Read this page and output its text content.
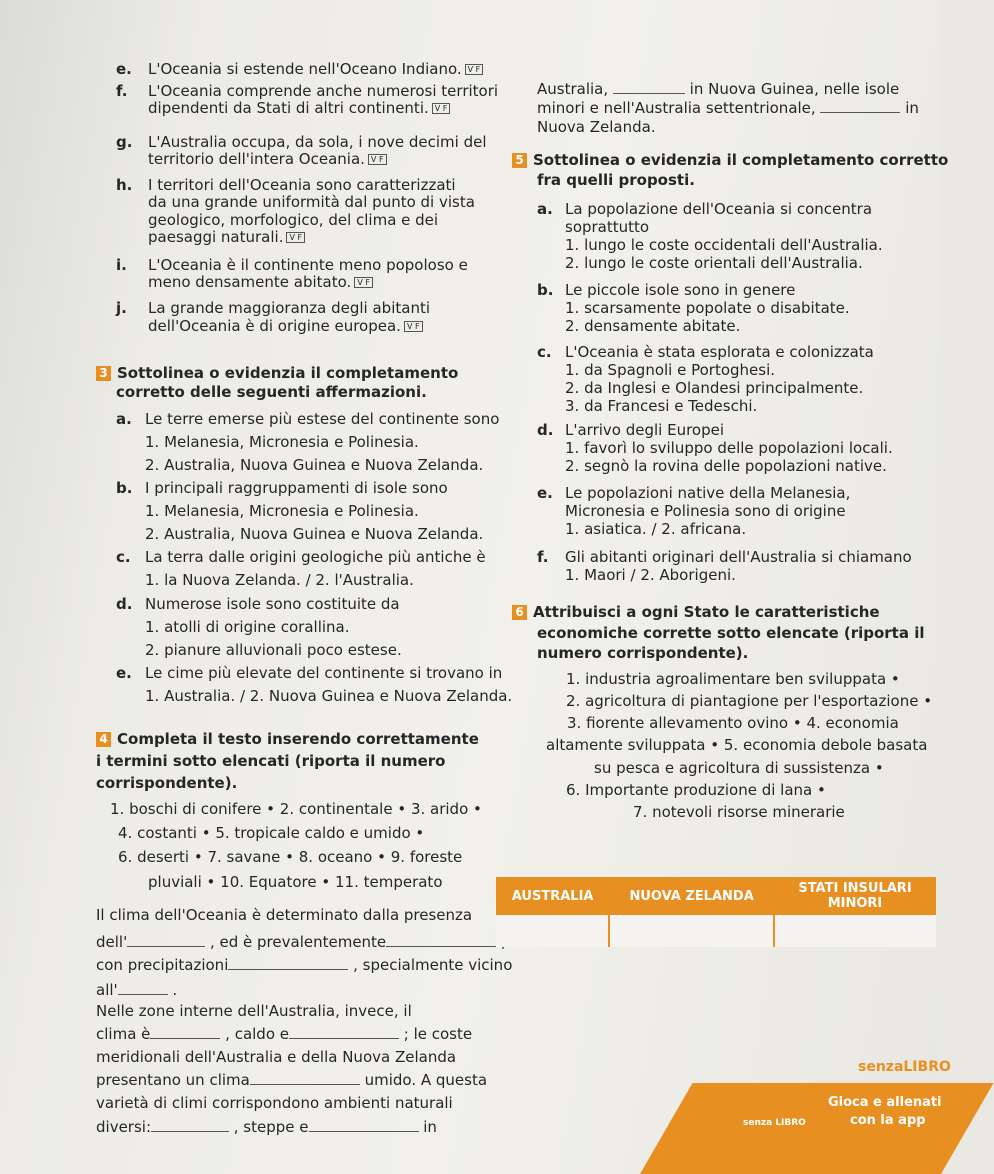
e. L'Oceania si estende nell'Oceano Indiano. V F
f. L'Oceania comprende anche numerosi territori
dipendenti da Stati di altri continenti. V F
g. L'Australia occupa, da sola, i nove decimi del
territorio dell'intera Oceania. V F
h. I territori dell'Oceania sono caratterizzati
da una grande uniformità dal punto di vista
geologico, morfologico, del clima e dei
paesaggi naturali. V F
i. L'Oceania è il continente meno popoloso e
meno densamente abitato. V F
j. La grande maggioranza degli abitanti
dell'Oceania è di origine europea. V F
3 Sottolinea o evidenzia il completamento
corretto delle seguenti affermazioni.
a. Le terre emerse più estese del continente sono
1. Melanesia, Micronesia e Polinesia.
2. Australia, Nuova Guinea e Nuova Zelanda.
b. I principali raggruppamenti di isole sono
1. Melanesia, Micronesia e Polinesia.
2. Australia, Nuova Guinea e Nuova Zelanda.
c. La terra dalle origini geologiche più antiche è
1. la Nuova Zelanda. / 2. l'Australia.
d. Numerose isole sono costituite da
1. atolli di origine corallina.
2. pianure alluvionali poco estese.
e. Le cime più elevate del continente si trovano in
1. Australia. / 2. Nuova Guinea e Nuova Zelanda.
4 Completa il testo inserendo correttamente
i termini sotto elencati (riporta il numero
corrispondente).
1. boschi di conifere • 2. continentale • 3. arido •
4. costanti • 5. tropicale caldo e umido •
6. deserti • 7. savane • 8. oceano • 9. foreste
pluviali • 10. Equatore • 11. temperato
Il clima dell'Oceania è determinato dalla presenza
dell'	, ed è prevalentemente
con precipitazioni	, specialmente vicino
all'	.
Nelle zone interne dell'Australia, invece, il
clima è	, caldo e	; le coste
meridionali dell'Australia e della Nuova Zelanda
presentano un clima	umido. A questa
varietà di climi corrispondono ambienti naturali
diversi:	, steppe e	in
Australia,	in Nuova Guinea, nelle isole
minori e nell'Australia settentrionale,	in
Nuova Zelanda.
5 Sottolinea o evidenzia il completamento corretto
fra quelli proposti.
a. La popolazione dell'Oceania si concentra
soprattutto
1. lungo le coste occidentali dell'Australia.
2. lungo le coste orientali dell'Australia.
b. Le piccole isole sono in genere
1. scarsamente popolate o disabitate.
2. densamente abitate.
c. L'Oceania è stata esplorata e colonizzata
1. da Spagnoli e Portoghesi.
2. da Inglesi e Olandesi principalmente.
3. da Francesi e Tedeschi.
d. L'arrivo degli Europei
1. favorì lo sviluppo delle popolazioni locali.
2. segnò la rovina delle popolazioni native.
e. Le popolazioni native della Melanesia,
Micronesia e Polinesia sono di origine
1. asiatica. / 2. africana.
f. Gli abitanti originari dell'Australia si chiamano
1. Maori / 2. Aborigeni.
6 Attribuisci a ogni Stato le caratteristiche
economiche corrette sotto elencate (riporta il
numero corrispondente).
1. industria agroalimentare ben sviluppata •
2. agricoltura di piantagione per l'esportazione •
3. fiorente allevamento ovino • 4. economia
altamente sviluppata • 5. economia debole basata
su pesca e agricoltura di sussistenza •
6. Importante produzione di lana •
7. notevoli risorse minerarie
AUSTRALIA	NUOVA ZELANDA	STATI INSULARI MINORI

senzaLIBRO
Gioca e allenati
con la app
senza LIBRO
